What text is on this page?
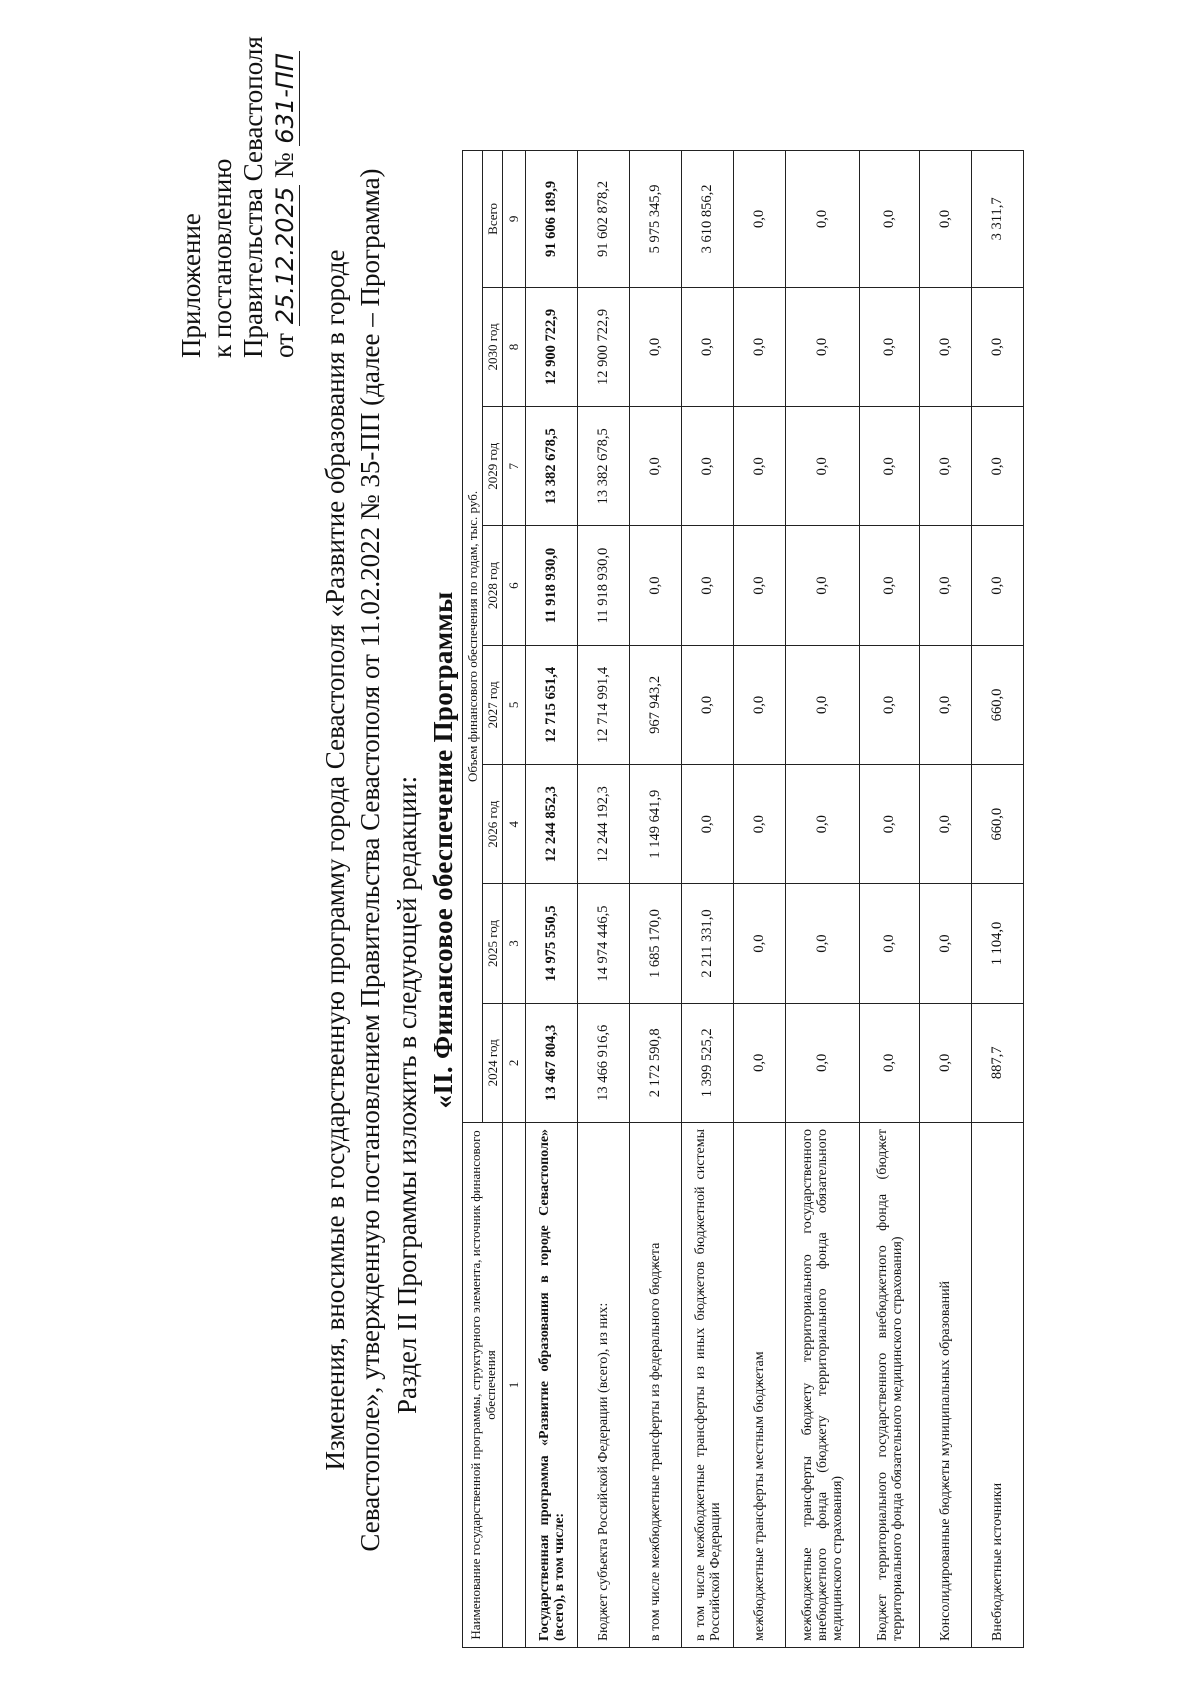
Приложение к постановлению Правительства Севастополя от 25.12.2025 № 631-ПП
Изменения, вносимые в государственную программу города Севастополя «Развитие образования в городе Севастополе», утвержденную постановлением Правительства Севастополя от 11.02.2022 № 35-ПП (далее – Программа) Раздел II Программы изложить в следующей редакции: «II. Финансовое обеспечение Программы
Наименование государственной программы, структурного элемента, источник финансового обеспечения	Объем финансового обеспечения по годам, тыс. руб.							
	2024 год	2025 год	2026 год	2027 год	2028 год	2029 год	2030 год	Всего
1	2	3	4	5	6	7	8	9
Государственная программа «Развитие образования в городе Севастополе» (всего), в том числе:	13 467 804,3	14 975 550,5	12 244 852,3	12 715 651,4	11 918 930,0	13 382 678,5	12 900 722,9	91 606 189,9
Бюджет субъекта Российской Федерации (всего), из них:	13 466 916,6	14 974 446,5	12 244 192,3	12 714 991,4	11 918 930,0	13 382 678,5	12 900 722,9	91 602 878,2
в том числе межбюджетные трансферты из федерального бюджета	2 172 590,8	1 685 170,0	1 149 641,9	967 943,2	0,0	0,0	0,0	5 975 345,9
в том числе межбюджетные трансферты из иных бюджетов бюджетной системы Российской Федерации	1 399 525,2	2 211 331,0	0,0	0,0	0,0	0,0	0,0	3 610 856,2
межбюджетные трансферты местным бюджетам	0,0	0,0	0,0	0,0	0,0	0,0	0,0	0,0
межбюджетные трансферты бюджету территориального государственного внебюджетного фонда (бюджету территориального фонда обязательного медицинского страхования)	0,0	0,0	0,0	0,0	0,0	0,0	0,0	0,0
Бюджет территориального государственного внебюджетного фонда (бюджет территориального фонда обязательного медицинского страхования)	0,0	0,0	0,0	0,0	0,0	0,0	0,0	0,0
Консолидированные бюджеты муниципальных образований	0,0	0,0	0,0	0,0	0,0	0,0	0,0	0,0
Внебюджетные источники	887,7	1 104,0	660,0	660,0	0,0	0,0	0,0	3 311,7
